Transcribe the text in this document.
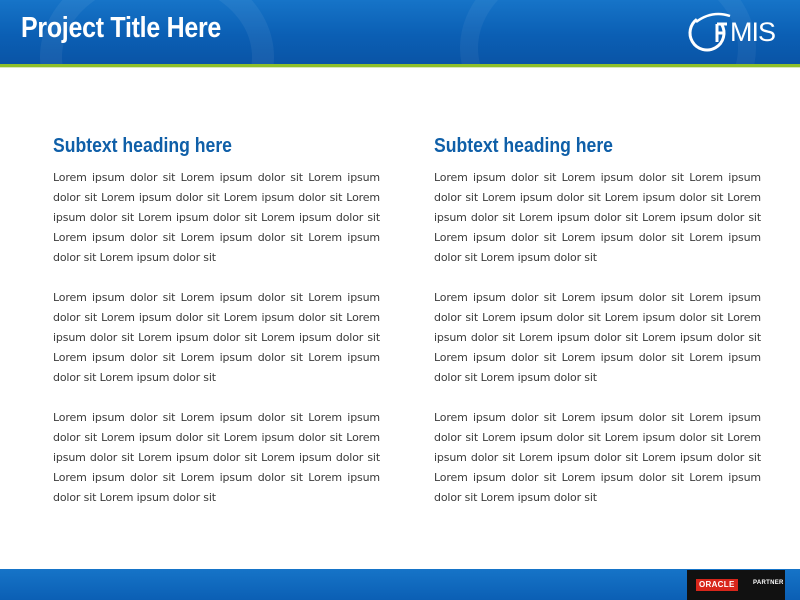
Project Title Here	MIS
Subtext heading here

Lorem ipsum dolor sit Lorem ipsum dolor sit Lorem ipsum dolor sit Lorem ipsum dolor sit Lorem ipsum dolor sit Lorem ipsum dolor sit Lorem ipsum dolor sit Lorem ipsum dolor sit Lorem ipsum dolor sit Lorem ipsum dolor sit Lorem ipsum dolor sit Lorem ipsum dolor sit

Lorem ipsum dolor sit Lorem ipsum dolor sit Lorem ipsum dolor sit Lorem ipsum dolor sit Lorem ipsum dolor sit Lorem ipsum dolor sit Lorem ipsum dolor sit Lorem ipsum dolor sit Lorem ipsum dolor sit Lorem ipsum dolor sit Lorem ipsum dolor sit Lorem ipsum dolor sit

Lorem ipsum dolor sit Lorem ipsum dolor sit Lorem ipsum dolor sit Lorem ipsum dolor sit Lorem ipsum dolor sit Lorem ipsum dolor sit Lorem ipsum dolor sit Lorem ipsum dolor sit Lorem ipsum dolor sit Lorem ipsum dolor sit Lorem ipsum dolor sit Lorem ipsum dolor sit

Subtext heading here

Lorem ipsum dolor sit Lorem ipsum dolor sit Lorem ipsum dolor sit Lorem ipsum dolor sit Lorem ipsum dolor sit Lorem ipsum dolor sit Lorem ipsum dolor sit Lorem ipsum dolor sit Lorem ipsum dolor sit Lorem ipsum dolor sit Lorem ipsum dolor sit Lorem ipsum dolor sit

Lorem ipsum dolor sit Lorem ipsum dolor sit Lorem ipsum dolor sit Lorem ipsum dolor sit Lorem ipsum dolor sit Lorem ipsum dolor sit Lorem ipsum dolor sit Lorem ipsum dolor sit Lorem ipsum dolor sit Lorem ipsum dolor sit Lorem ipsum dolor sit Lorem ipsum dolor sit

Lorem ipsum dolor sit Lorem ipsum dolor sit Lorem ipsum dolor sit Lorem ipsum dolor sit Lorem ipsum dolor sit Lorem ipsum dolor sit Lorem ipsum dolor sit Lorem ipsum dolor sit Lorem ipsum dolor sit Lorem ipsum dolor sit Lorem ipsum dolor sit Lorem ipsum dolor sit

ORACLE	PARTNER
